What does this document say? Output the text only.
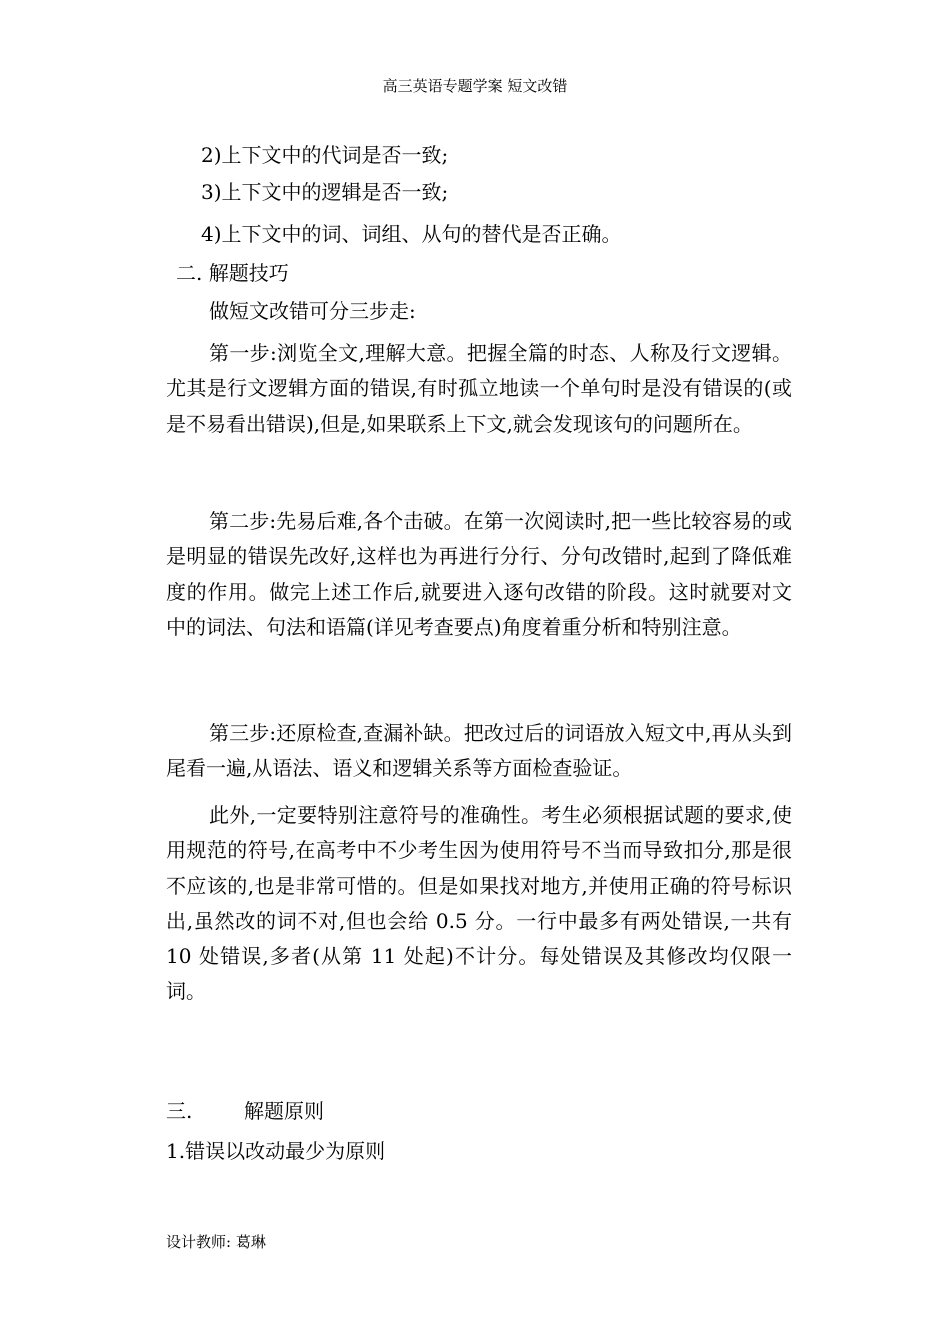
高三英语专题学案 短文改错
2)上下文中的代词是否一致;
3)上下文中的逻辑是否一致;
4)上下文中的词、词组、从句的替代是否正确。
二. 解题技巧
做短文改错可分三步走:
第一步:浏览全文,理解大意。把握全篇的时态、人称及行文逻辑。尤其是行文逻辑方面的错误,有时孤立地读一个单句时是没有错误的(或是不易看出错误),但是,如果联系上下文,就会发现该句的问题所在。
第二步:先易后难,各个击破。在第一次阅读时,把一些比较容易的或是明显的错误先改好,这样也为再进行分行、分句改错时,起到了降低难度的作用。做完上述工作后,就要进入逐句改错的阶段。这时就要对文中的词法、句法和语篇(详见考查要点)角度着重分析和特别注意。
第三步:还原检查,查漏补缺。把改过后的词语放入短文中,再从头到尾看一遍,从语法、语义和逻辑关系等方面检查验证。
此外,一定要特别注意符号的准确性。考生必须根据试题的要求,使用规范的符号,在高考中不少考生因为使用符号不当而导致扣分,那是很不应该的,也是非常可惜的。但是如果找对地方,并使用正确的符号标识出,虽然改的词不对,但也会给 0.5 分。一行中最多有两处错误,一共有 10 处错误,多者(从第 11 处起)不计分。每处错误及其修改均仅限一词。
三.	解题原则
1.错误以改动最少为原则
设计教师: 葛琳
